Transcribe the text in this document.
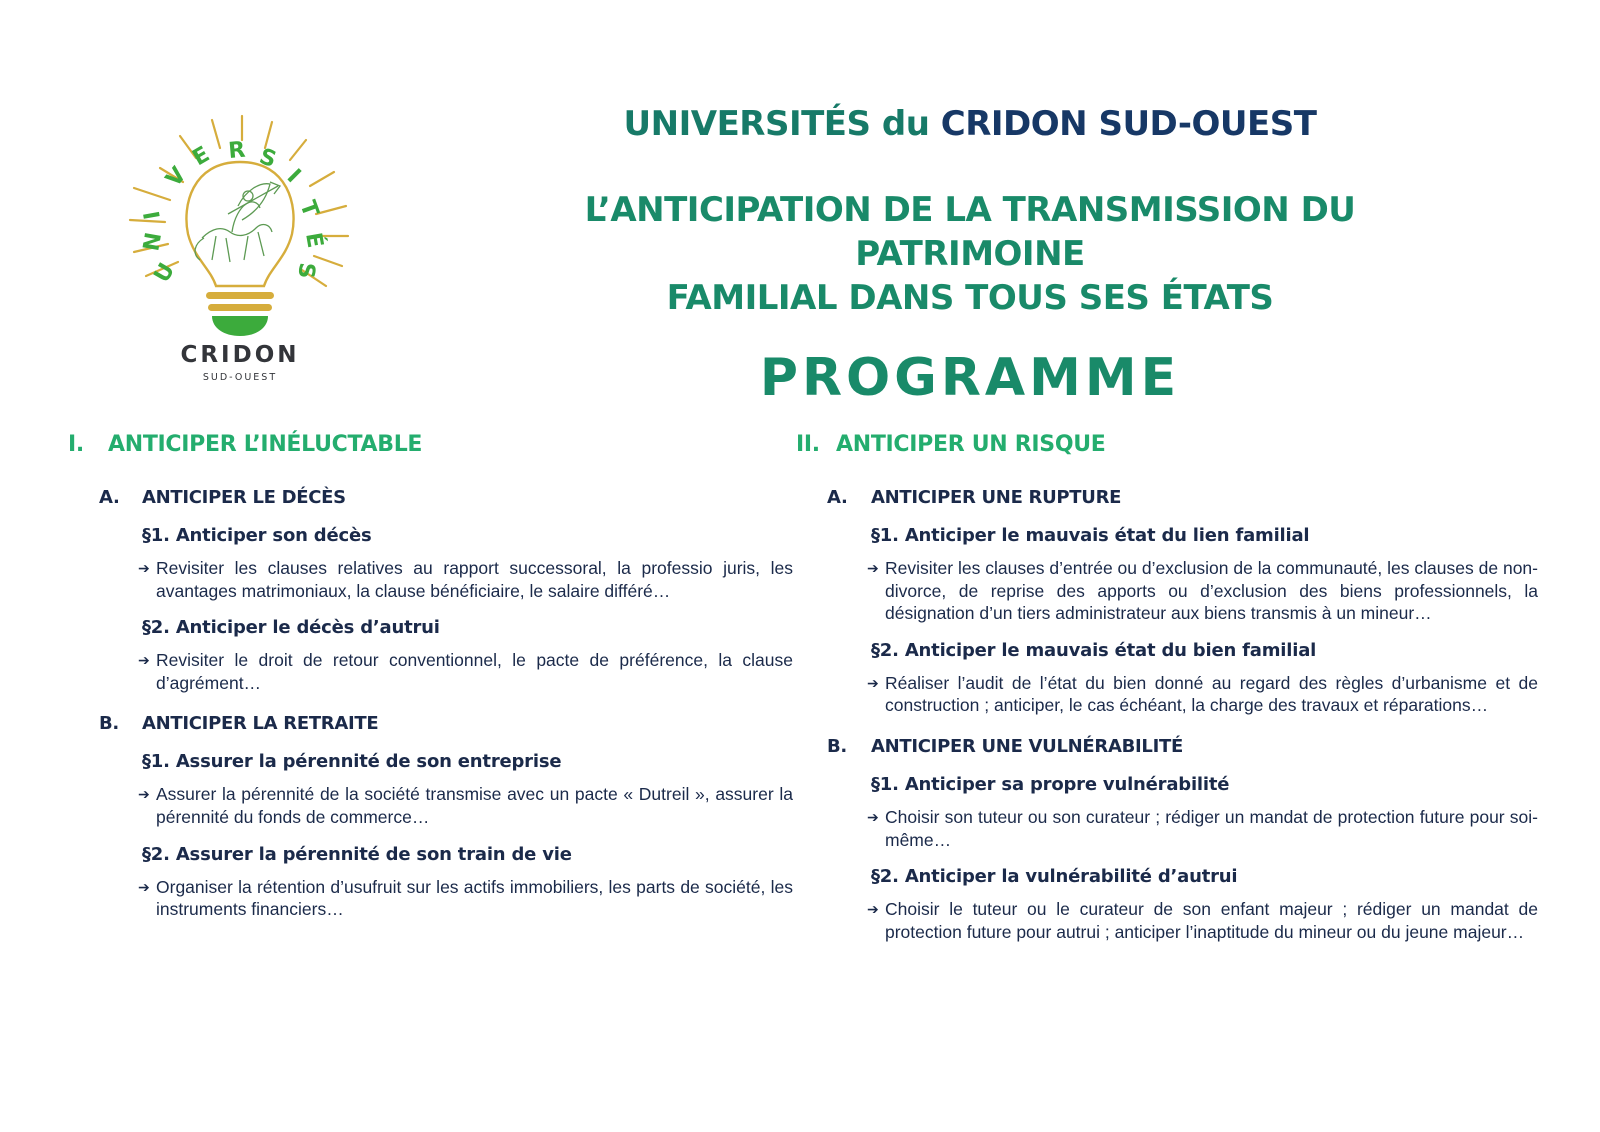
U
N
I
V
E R S
I
T
É
S
CRIDON
SUD-OUEST
UNIVERSITÉS du CRIDON SUD-OUEST
L’ANTICIPATION DE LA TRANSMISSION DU PATRIMOINE
FAMILIAL DANS TOUS SES ÉTATS
PROGRAMME
I.	ANTICIPER L’INÉLUCTABLE
A.	ANTICIPER LE DÉCÈS
§1. Anticiper son décès
➔ Revisiter les clauses relatives au rapport successoral, la professio juris, les avantages matrimoniaux, la clause bénéficiaire, le salaire différé…
§2. Anticiper le décès d’autrui
➔ Revisiter le droit de retour conventionnel, le pacte de préférence, la clause d’agrément…
B.	ANTICIPER LA RETRAITE
§1. Assurer la pérennité de son entreprise
➔ Assurer la pérennité de la société transmise avec un pacte « Dutreil », assurer la pérennité du fonds de commerce…
§2. Assurer la pérennité de son train de vie
➔ Organiser la rétention d’usufruit sur les actifs immobiliers, les parts de société, les instruments financiers…
II. ANTICIPER UN RISQUE
A.	ANTICIPER UNE RUPTURE
§1. Anticiper le mauvais état du lien familial
➔ Revisiter les clauses d’entrée ou d’exclusion de la communauté, les clauses de non-divorce, de reprise des apports ou d’exclusion des biens professionnels, la désignation d’un tiers administrateur aux biens transmis à un mineur…
§2. Anticiper le mauvais état du bien familial
➔ Réaliser l’audit de l’état du bien donné au regard des règles d’urbanisme et de construction ; anticiper, le cas échéant, la charge des travaux et réparations…
B.	ANTICIPER UNE VULNÉRABILITÉ
§1. Anticiper sa propre vulnérabilité
➔ Choisir son tuteur ou son curateur ; rédiger un mandat de protection future pour soi-même…
§2. Anticiper la vulnérabilité d’autrui
➔ Choisir le tuteur ou le curateur de son enfant majeur ; rédiger un mandat de protection future pour autrui ; anticiper l’inaptitude du mineur ou du jeune majeur…
